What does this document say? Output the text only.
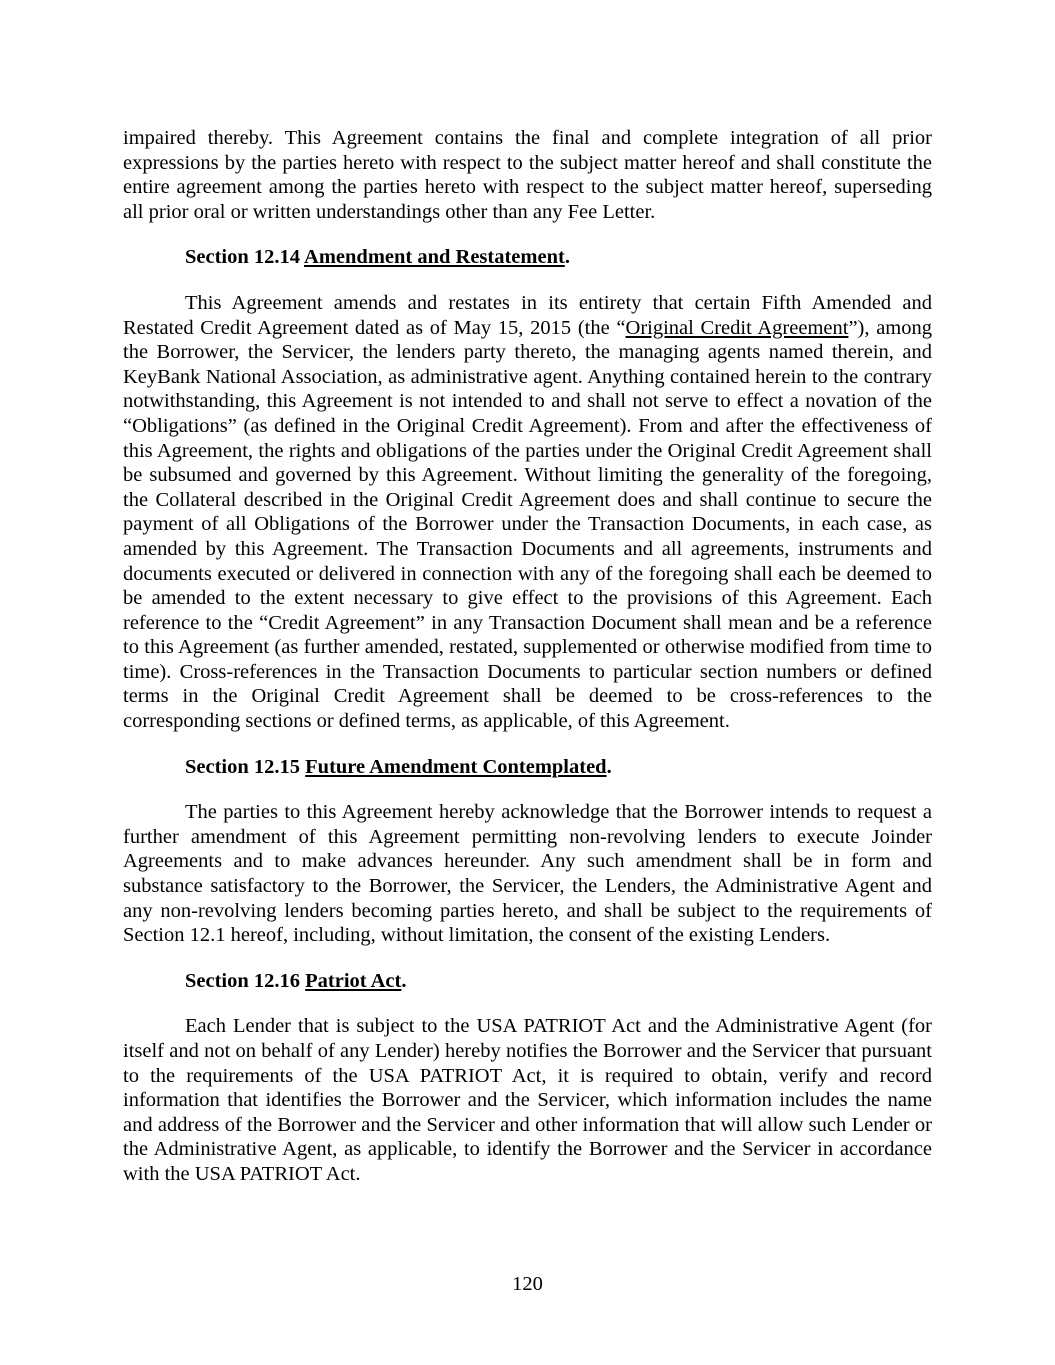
impaired thereby. This Agreement contains the final and complete integration of all prior expressions by the parties hereto with respect to the subject matter hereof and shall constitute the entire agreement among the parties hereto with respect to the subject matter hereof, superseding all prior oral or written understandings other than any Fee Letter.

Section 12.14 Amendment and Restatement.

This Agreement amends and restates in its entirety that certain Fifth Amended and Restated Credit Agreement dated as of May 15, 2015 (the “Original Credit Agreement”), among the Borrower, the Servicer, the lenders party thereto, the managing agents named therein, and KeyBank National Association, as administrative agent. Anything contained herein to the contrary notwithstanding, this Agreement is not intended to and shall not serve to effect a novation of the “Obligations” (as defined in the Original Credit Agreement). From and after the effectiveness of this Agreement, the rights and obligations of the parties under the Original Credit Agreement shall be subsumed and governed by this Agreement. Without limiting the generality of the foregoing, the Collateral described in the Original Credit Agreement does and shall continue to secure the payment of all Obligations of the Borrower under the Transaction Documents, in each case, as amended by this Agreement. The Transaction Documents and all agreements, instruments and documents executed or delivered in connection with any of the foregoing shall each be deemed to be amended to the extent necessary to give effect to the provisions of this Agreement. Each reference to the “Credit Agreement” in any Transaction Document shall mean and be a reference to this Agreement (as further amended, restated, supplemented or otherwise modified from time to time). Cross-references in the Transaction Documents to particular section numbers or defined terms in the Original Credit Agreement shall be deemed to be cross-references to the corresponding sections or defined terms, as applicable, of this Agreement.

Section 12.15 Future Amendment Contemplated.

The parties to this Agreement hereby acknowledge that the Borrower intends to request a further amendment of this Agreement permitting non-revolving lenders to execute Joinder Agreements and to make advances hereunder. Any such amendment shall be in form and substance satisfactory to the Borrower, the Servicer, the Lenders, the Administrative Agent and any non-revolving lenders becoming parties hereto, and shall be subject to the requirements of Section 12.1 hereof, including, without limitation, the consent of the existing Lenders.

Section 12.16 Patriot Act.

Each Lender that is subject to the USA PATRIOT Act and the Administrative Agent (for itself and not on behalf of any Lender) hereby notifies the Borrower and the Servicer that pursuant to the requirements of the USA PATRIOT Act, it is required to obtain, verify and record information that identifies the Borrower and the Servicer, which information includes the name and address of the Borrower and the Servicer and other information that will allow such Lender or the Administrative Agent, as applicable, to identify the Borrower and the Servicer in accordance with the USA PATRIOT Act.

120
